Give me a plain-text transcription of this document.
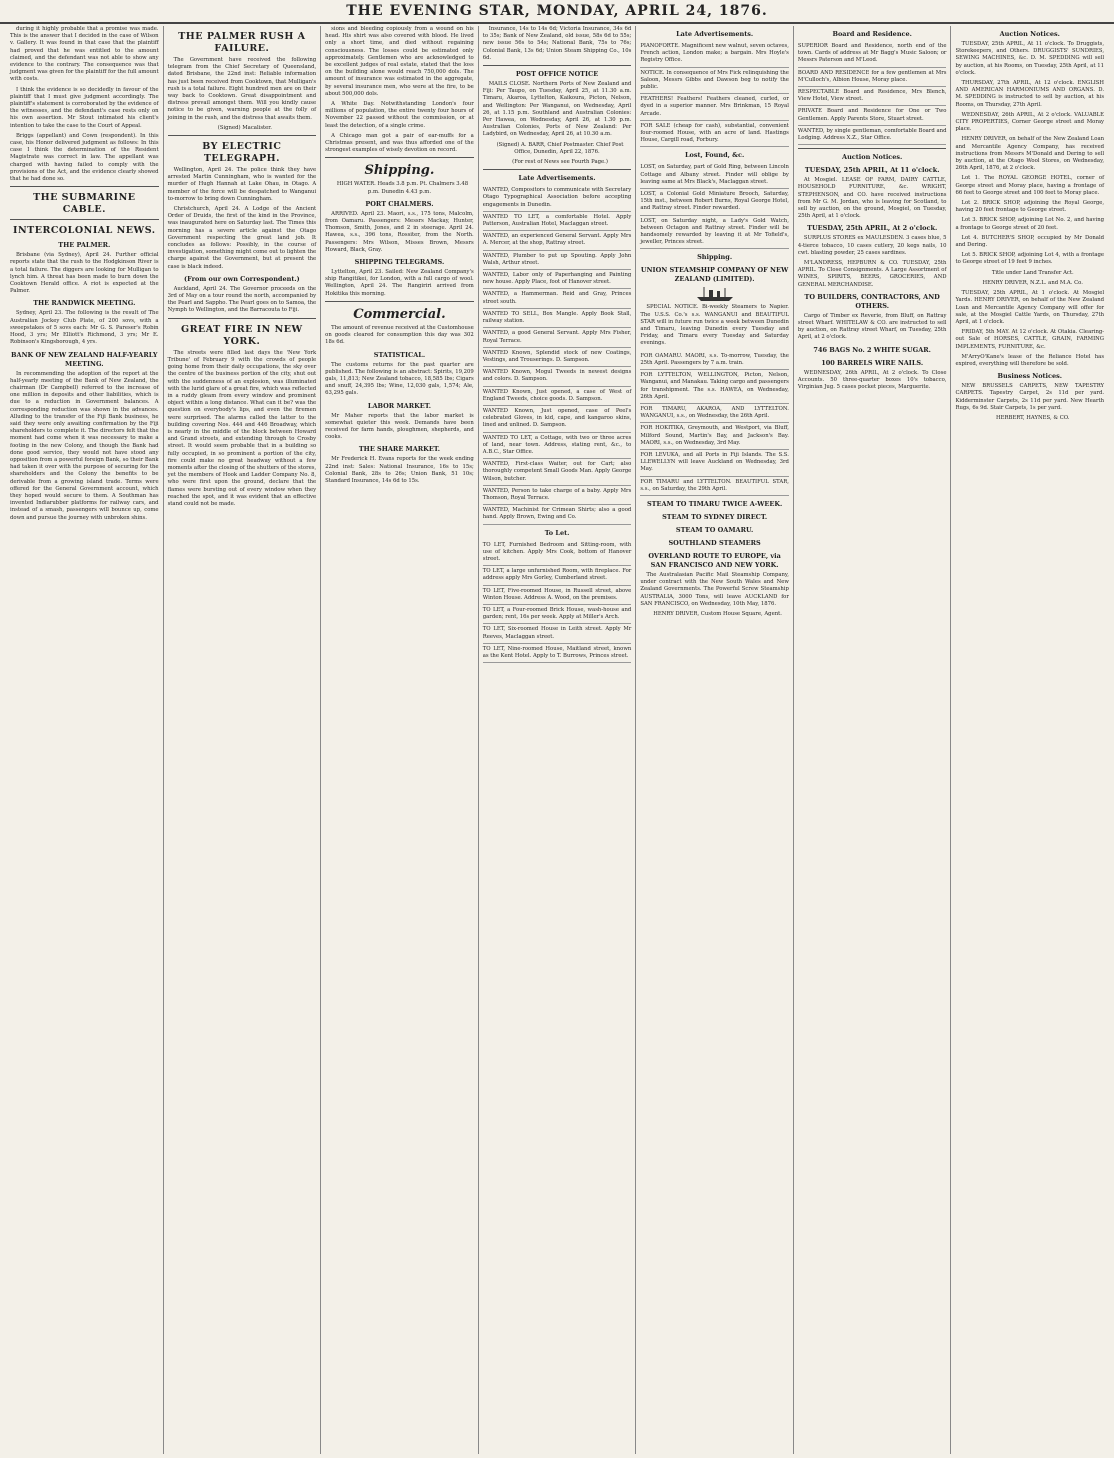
THE EVENING STAR, MONDAY, APRIL 24, 1876.

during it highly probable that a promise was made. This is the answer that I decided in the case of Wilson v. Gallery. It was found in that case that the plaintiff had proved that he was entitled to the amount claimed, and the defendant was not able to show any evidence to the contrary. The consequence was that judgment was given for the plaintiff for the full amount with costs.

I think the evidence is so decidedly in favour of the plaintiff that I must give judgment accordingly. The plaintiff's statement is corroborated by the evidence of the witnesses, and the defendant's case rests only on his own assertion. Mr Stout intimated his client's intention to take the case to the Court of Appeal.

Briggs (appellant) and Cown (respondent). In this case, his Honor delivered judgment as follows: In this case I think the determination of the Resident Magistrate was correct in law. The appellant was charged with having failed to comply with the provisions of the Act, and the evidence clearly showed that he had done so.

THE SUBMARINE CABLE.
INTERCOLONIAL NEWS.
THE PALMER.

Brisbane (via Sydney), April 24. Further official reports state that the rush to the Hodgkinson River is a total failure. The diggers are looking for Mulligan to lynch him. A threat has been made to burn down the Cooktown Herald office. A riot is expected at the Palmer.

THE RANDWICK MEETING.

Sydney, April 23. The following is the result of The Australian Jockey Club Plate, of 200 sovs, with a sweepstakes of 5 sovs each: Mr G. S. Pareser's Robin Hood, 3 yrs; Mr Elliott's Richmond, 3 yrs; Mr E. Robinson's Kingsborough, 4 yrs.

BANK OF NEW ZEALAND HALF-YEARLY MEETING.

In recommending the adoption of the report at the half-yearly meeting of the Bank of New Zealand, the chairman (Dr Campbell) referred to the increase of one million in deposits and other liabilities, which is due to a reduction in Government balances. A corresponding reduction was shown in the advances. Alluding to the transfer of the Fiji Bank business, he said they were only awaiting confirmation by the Fiji shareholders to complete it. The directors felt that the moment had come when it was necessary to make a footing in the new Colony, and though the Bank had done good service, they would not have stood any opposition from a powerful foreign Bank, so their Bank had taken it over with the purpose of securing for the shareholders and the Colony the benefits to be derivable from a growing island trade. Terms were offered for the General Government account, which they hoped would secure to them. A Southman has invented Indiarubber platforms for railway cars, and instead of a smash, passengers will bounce up, come down and pursue the journey with unbroken shins.

THE PALMER RUSH A FAILURE.

The Government have received the following telegram from the Chief Secretary of Queensland, dated Brisbane, the 22nd inst: Reliable information has just been received from Cooktown, that Mulligan's rush is a total failure. Eight hundred men are on their way back to Cooktown. Great disappointment and distress prevail amongst them. Will you kindly cause notice to be given, warning people at the folly of joining in the rush, and the distress that awaits them.

(Signed) Macalister.

BY ELECTRIC TELEGRAPH.

Wellington, April 24. The police think they have arrested Martin Cunningham, who is wanted for the murder of Hugh Hannah at Lake Ohau, in Otago. A member of the force will be despatched to Wanganui to-morrow to bring down Cunningham.

Christchurch, April 24. A Lodge of the Ancient Order of Druids, the first of the kind in the Province, was inaugurated here on Saturday last. The Times this morning has a severe article against the Otago Government respecting the great land job. It concludes as follows: Possibly, in the course of investigation, something might come out to lighten the charge against the Government, but at present the case is black indeed.

(From our own Correspondent.)

Auckland, April 24. The Governor proceeds on the 3rd of May on a tour round the north, accompanied by the Pearl and Sappho. The Pearl goes on to Samoa, the Nymph to Wellington, and the Barracouta to Fiji.

GREAT FIRE IN NEW YORK.

The streets were filled last days the 'New York Tribune' of February 9 with the crowds of people going home from their daily occupations, the sky over the centre of the business portion of the city, shut out with the suddenness of an explosion, was illuminated with the lurid glare of a great fire, which was reflected in a ruddy gleam from every window and prominent object within a long distance. What can it be? was the question on everybody's lips, and even the firemen were surprised. The alarms called the latter to the building covering Nos. 444 and 446 Broadway, which is nearly in the middle of the block between Howard and Grand streets, and extending through to Crosby street. It would seem probable that in a building so fully occupied, in so prominent a portion of the city, fire could make no great headway without a few moments after the closing of the shutters of the stores, yet the members of Hook and Ladder Company No. 8, who were first upon the ground, declare that the flames were bursting out of every window when they reached the spot, and it was evident that an effective stand could not be made.

sions and bleeding copiously from a wound on his head. His shirt was also covered with blood. He lived only a short time, and died without regaining consciousness. The losses could be estimated only approximately. Gentlemen who are acknowledged to be excellent judges of real estate, stated that the loss on the building alone would reach 750,000 dols. The amount of insurance was estimated in the aggregate, by several insurance men, who were at the fire, to be about 500,000 dols.

A White Day. Notwithstanding London's four millions of population, the entire twenty four hours of November 22 passed without the commission, or at least the detection, of a single crime.

A Chicago man got a pair of ear-muffs for a Christmas present, and was thus afforded one of the strongest examples of wisely devotion on record.

Shipping.

HIGH WATER. Heads 3.8 p.m. Pt. Chalmers 3.48 p.m. Dunedin 4.43 p.m.

PORT CHALMERS.

ARRIVED. April 23. Maori, s.s., 175 tons, Malcolm, from Oamaru. Passengers: Messrs Mackay, Hunter, Thomson, Smith, Jones, and 2 in steerage. April 24. Hawea, s.s., 396 tons, Rossiter, from the North. Passengers: Mrs Wilson, Misses Brown, Messrs Howard, Black, Gray.

SHIPPING TELEGRAMS.

Lyttelton, April 23. Sailed: New Zealand Company's ship Rangitikei, for London, with a full cargo of wool. Wellington, April 24. The Rangiriri arrived from Hokitika this morning.

Commercial.

The amount of revenue received at the Customhouse on goods cleared for consumption this day was 302 18s 6d.

STATISTICAL.

The customs returns for the past quarter are published. The following is an abstract: Spirits, 19,209 gals, 11,813; New Zealand tobacco, 18,585 lbs; Cigars and snuff, 24,395 lbs; Wine, 12,030 gals, 1,574; Ale, 63,295 gals.

LABOR MARKET.

Mr Maher reports that the labor market is somewhat quieter this week. Demands have been received for farm hands, ploughmen, shepherds, and cooks.

THE SHARE MARKET.

Mr Frederick H. Evans reports for the week ending 22nd inst: Sales: National Insurance, 16s to 15s; Colonial Bank, 28s to 26s; Union Bank, 51 10s; Standard Insurance, 14s 6d to 15s.

Insurance, 14s to 14s 6d; Victoria Insurance, 34s 6d to 35s; Bank of New Zealand, old issue, 58s 6d to 55s; new issue 56s to 54s; National Bank, 75s to 76s; Colonial Bank, 13s 6d; Union Steam Shipping Co., 10s 6d.

POST OFFICE NOTICE

MAILS CLOSE. Northern Ports of New Zealand and Fiji: Per Taupo, on Tuesday, April 25, at 11.30 a.m. Timaru, Akaroa, Lyttelton, Kaikoura, Picton, Nelson, and Wellington: Per Wanganui, on Wednesday, April 26, at 1.15 p.m. Southland and Australian Colonies: Per Hawea, on Wednesday, April 26, at 1.30 p.m. Australian Colonies, Ports of New Zealand: Per Ladybird, on Wednesday, April 26, at 10.30 a.m.

(Signed) A. BARR, Chief Postmaster. Chief Post Office, Dunedin, April 22, 1876.

(For rest of News see Fourth Page.)

Late Advertisements.
WANTED, Compositors to communicate with Secretary Otago Typographical Association before accepting engagements in Dunedin.
WANTED TO LET, a comfortable Hotel. Apply Patterson, Australian Hotel, Maclaggan street.
WANTED, an experienced General Servant. Apply Mrs A. Mercer, at the shop, Rattray street.
WANTED, Plumber to put up Spouting. Apply John Walsh, Arthur street.
WANTED, Labor only of Paperhanging and Painting new house. Apply Place, foot of Hanover street.
WANTED, a Hammerman. Reid and Gray, Princes street south.
WANTED TO SELL, Box Mangle. Apply Book Stall, railway station.
WANTED, a good General Servant. Apply Mrs Fisher, Royal Terrace.
WANTED Known, Splendid stock of new Coatings, Vestings, and Trouserings. D. Sampson.
WANTED Known, Mogul Tweeds in newest designs and colors. D. Sampson.
WANTED Known, Just opened, a case of West of England Tweeds, choice goods. D. Sampson.
WANTED Known, Just opened, case of Peel's celebrated Gloves, in kid, cape, and kangaroo skins, lined and unlined. D. Sampson.
WANTED TO LET, a Cottage, with two or three acres of land, near town. Address, stating rent, &c., to A.B.C., Star Office.
WANTED, First-class Waiter, out for Cart; also thoroughly competent Small Goods Man. Apply George Wilson, butcher.
WANTED, Person to take charge of a baby. Apply Mrs Thomson, Royal Terrace.
WANTED, Machinist for Crimean Shirts; also a good hand. Apply Brown, Ewing and Co.
To Let.
TO LET, Furnished Bedroom and Sitting-room, with use of kitchen. Apply Mrs Cook, bottom of Hanover street.
TO LET, a large unfurnished Room, with fireplace. For address apply Mrs Gorley, Cumberland street.
TO LET, Five-roomed House, in Russell street, above Winton House. Address A. Wood, on the premises.
TO LET, a Four-roomed Brick House, wash-house and garden; rent, 16s per week. Apply at Miller's Arch.
TO LET, Six-roomed House in Leith street. Apply Mr Reeves, Maclaggan street.
TO LET, Nine-roomed House, Maitland street, known as the Kent Hotel. Apply to T. Burrows, Princes street.
Late Advertisements.
PIANOFORTE. Magnificent new walnut, seven octaves, French action, London make; a bargain. Mrs Hoyle's Registry Office.
NOTICE. In consequence of Mrs Fick relinquishing the Saloon, Messrs Gibbs and Dawson beg to notify the public.
FEATHERS! Feathers! Feathers cleaned, curled, or dyed in a superior manner. Mrs Brinkman, 15 Royal Arcade.
FOR SALE (cheap for cash), substantial, convenient four-roomed House, with an acre of land. Hastings House, Cargill road, Forbury.
Lost, Found, &c.
LOST, on Saturday, part of Gold Ring, between Lincoln Cottage and Albany street. Finder will oblige by leaving same at Mrs Black's, Maclaggan street.
LOST, a Colonial Gold Miniature Brooch, Saturday, 15th inst., between Robert Burns, Royal George Hotel, and Rattray street. Finder rewarded.
LOST, on Saturday night, a Lady's Gold Watch, between Octagon and Rattray street. Finder will be handsomely rewarded by leaving it at Mr Tofield's, jeweller, Princes street.
Shipping.
UNION STEAMSHIP COMPANY OF NEW ZEALAND (LIMITED).

SPECIAL NOTICE. Bi-weekly Steamers to Napier. The U.S.S. Co.'s s.s. WANGANUI and BEAUTIFUL STAR will in future run twice a week between Dunedin and Timaru, leaving Dunedin every Tuesday and Friday, and Timaru every Tuesday and Saturday evenings.

FOR OAMARU. MAORI, s.s. To-morrow, Tuesday, the 25th April. Passengers by 7 a.m. train.
FOR LYTTELTON, WELLINGTON, Picton, Nelson, Wanganui, and Manakau. Taking cargo and passengers for transhipment. The s.s. HAWEA, on Wednesday, 26th April.
FOR TIMARU, AKAROA, AND LYTTELTON. WANGANUI, s.s., on Wednesday, the 26th April.
FOR HOKITIKA, Greymouth, and Westport, via Bluff, Milford Sound, Martin's Bay, and Jackson's Bay. MAORI, s.s., on Wednesday, 3rd May.
FOR LEVUKA, and all Ports in Fiji Islands. The S.S. LLEWELLYN will leave Auckland on Wednesday, 3rd May.
FOR TIMARU and LYTTELTON. BEAUTIFUL STAR, s.s., on Saturday, the 29th April.
STEAM TO TIMARU TWICE A-WEEK.
STEAM TO SYDNEY DIRECT.
STEAM TO OAMARU.
SOUTHLAND STEAMERS
OVERLAND ROUTE TO EUROPE, via SAN FRANCISCO AND NEW YORK.

The Australasian Pacific Mail Steamship Company, under contract with the New South Wales and New Zealand Governments. The Powerful Screw Steamship AUSTRALIA, 3000 Tons, will leave AUCKLAND for SAN FRANCISCO, on Wednesday, 10th May, 1876.

HENRY DRIVER, Custom House Square, Agent.

Board and Residence.
SUPERIOR Board and Residence, north end of the town. Cards of address at Mr Bagg's Music Saloon; or Messrs Paterson and M'Leod.
BOARD AND RESIDENCE for a few gentlemen at Mrs M'Culloch's, Albion House, Moray place.
RESPECTABLE Board and Residence, Mrs Blench, View Hotel, View street.
PRIVATE Board and Residence for One or Two Gentlemen. Apply Parents Store, Stuart street.
WANTED, by single gentleman, comfortable Board and Lodging. Address X.Z., Star Office.
Auction Notices.
TUESDAY, 25th APRIL, At 11 o'clock.

At Mosgiel. LEASE OF FARM, DAIRY CATTLE, HOUSEHOLD FURNITURE, &c. WRIGHT, STEPHENSON, and CO. have received instructions from Mr G. M. Jordan, who is leaving for Scotland, to sell by auction, on the ground, Mosgiel, on Tuesday, 25th April, at 1 o'clock.

TUESDAY, 25th APRIL, At 2 o'clock.

SURPLUS STORES ex MAULESDEN. 3 cases blue, 5 4-tierce tobacco, 10 cases cutlery, 20 kegs nails, 10 cwt. blasting powder, 25 cases sardines.

M'LANDRESS, HEPBURN & CO. TUESDAY, 25th APRIL. To Close Consignments. A Large Assortment of WINES, SPIRITS, BEERS, GROCERIES, AND GENERAL MERCHANDISE.

TO BUILDERS, CONTRACTORS, AND OTHERS.

Cargo of Timber ex Reverie, from Bluff, on Rattray street Wharf. WHITELAW & CO. are instructed to sell by auction, on Rattray street Wharf, on Tuesday, 25th April, at 2 o'clock.

746 BAGS No. 2 WHITE SUGAR.
100 BARRELS WIRE NAILS.

WEDNESDAY, 26th APRIL, At 2 o'clock. To Close Accounts. 50 three-quarter boxes 10's tobacco, Virginian Jug. 5 cases pocket pieces, Marguerite.

Auction Notices.

TUESDAY, 25th APRIL, At 11 o'clock. To Druggists, Storekeepers, and Others. DRUGGISTS' SUNDRIES, SEWING MACHINES, &c. D. M. SPEDDING will sell by auction, at his Rooms, on Tuesday, 25th April, at 11 o'clock.

THURSDAY, 27th APRIL, At 12 o'clock. ENGLISH AND AMERICAN HARMONIUMS AND ORGANS. D. M. SPEDDING is instructed to sell by auction, at his Rooms, on Thursday, 27th April.

WEDNESDAY, 26th APRIL, At 2 o'clock. VALUABLE CITY PROPERTIES, Corner George street and Moray place.

HENRY DRIVER, on behalf of the New Zealand Loan and Mercantile Agency Company, has received instructions from Messrs M'Donald and Dering to sell by auction, at the Otago Wool Stores, on Wednesday, 26th April, 1876, at 2 o'clock.

Lot 1. The ROYAL GEORGE HOTEL, corner of George street and Moray place, having a frontage of 66 feet to George street and 100 feet to Moray place.

Lot 2. BRICK SHOP, adjoining the Royal George, having 20 feet frontage to George street.

Lot 3. BRICK SHOP, adjoining Lot No. 2, and having a frontage to George street of 20 feet.

Lot 4. BUTCHER'S SHOP, occupied by Mr Donald and Dering.

Lot 5. BRICK SHOP, adjoining Lot 4, with a frontage to George street of 19 feet 9 inches.

Title under Land Transfer Act.

HENRY DRIVER, N.Z.L. and M.A. Co.

TUESDAY, 25th APRIL, At 1 o'clock. At Mosgiel Yards. HENRY DRIVER, on behalf of the New Zealand Loan and Mercantile Agency Company will offer for sale, at the Mosgiel Cattle Yards, on Thursday, 27th April, at 1 o'clock.

FRIDAY, 5th MAY. At 12 o'clock. At Otakia. Clearing-out Sale of HORSES, CATTLE, GRAIN, FARMING IMPLEMENTS, FURNITURE, &c.

M'ArryO'Kane's lease of the Reliance Hotel has expired, everything will therefore be sold.

Business Notices.

NEW BRUSSELS CARPETS, NEW TAPESTRY CARPETS. Tapestry Carpet, 2s 11d per yard. Kidderminster Carpets, 2s 11d per yard. New Hearth Rugs, 6s 9d. Stair Carpets, 1s per yard.

HERBERT, HAYNES, & CO.
